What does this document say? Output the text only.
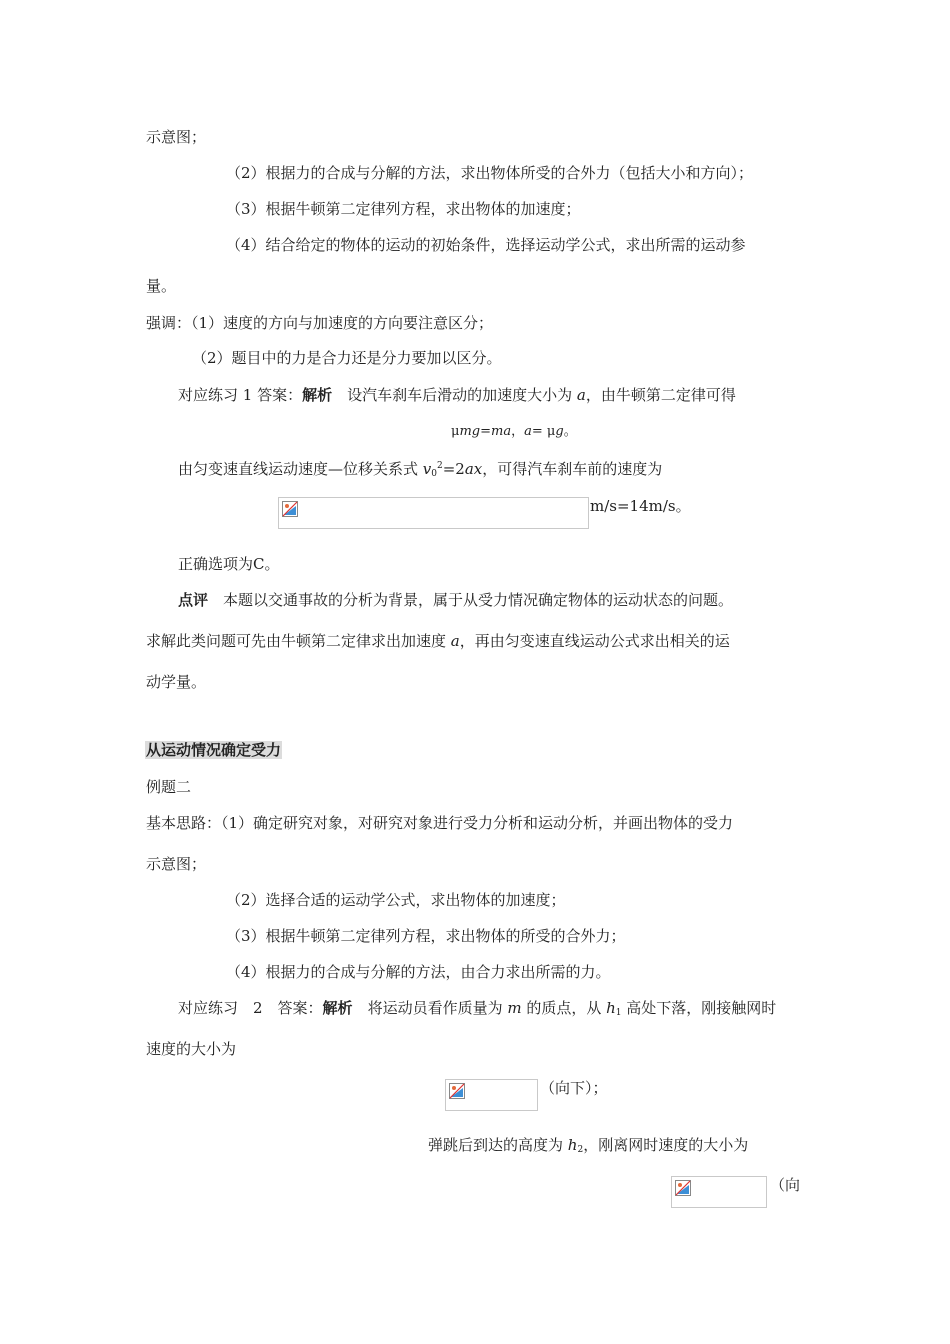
示意图；
（2）根据力的合成与分解的方法，求出物体所受的合外力（包括大小和方向）；
（3）根据牛顿第二定律列方程，求出物体的加速度；
（4）结合给定的物体的运动的初始条件，选择运动学公式，求出所需的运动参
量。
强调：（1）速度的方向与加速度的方向要注意区分；
（2）题目中的力是合力还是分力要加以区分。
对应练习 1 答案：解析　设汽车刹车后滑动的加速度大小为 a，由牛顿第二定律可得
μmg=ma，a= μg。
由匀变速直线运动速度—位移关系式 $v_0^2=2ax$，可得汽车刹车前的速度为
m/s=14m/s。
正确选项为C。
点评　本题以交通事故的分析为背景，属于从受力情况确定物体的运动状态的问题。
求解此类问题可先由牛顿第二定律求出加速度 a，再由匀变速直线运动公式求出相关的运
动学量。
从运动情况确定受力
例题二
基本思路：（1）确定研究对象，对研究对象进行受力分析和运动分析，并画出物体的受力
示意图；
（2）选择合适的运动学公式，求出物体的加速度；
（3）根据牛顿第二定律列方程，求出物体的所受的合外力；
（4）根据力的合成与分解的方法，由合力求出所需的力。
对应练习　2　答案：解析　将运动员看作质量为 m 的质点，从 $h_1$ 高处下落，刚接触网时
速度的大小为
（向下）；
弹跳后到达的高度为 $h_2$，刚离网时速度的大小为
（向
